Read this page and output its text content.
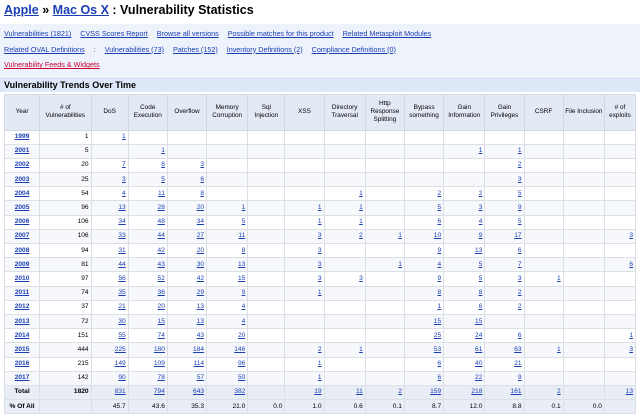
Apple » Mac Os X : Vulnerability Statistics
Vulnerabilities (1821) CVSS Scores Report Browse all versions Possible matches for this product Related Metasploit Modules
Related OVAL Definitions : Vulnerabilities (73) Patches (152) Inventory Definitions (2) Compliance Definitions (0)
Vulnerability Feeds & Widgets
Vulnerability Trends Over Time
Year	# of Vulnerabilities	DoS	Code Execution	Overflow	Memory Corruption	Sql Injection	XSS	Directory Traversal	Http Response Splitting	Bypass something	Gain Information	Gain Privileges	CSRF	File Inclusion	# of exploits
1999	1	1													
2001	5		1								1	1			
2002	20	7	8	3								2			
2003	25	3	5	6								3			
2004	54	4	11	8				1		2	2	5			
2005	96	13	28	20	1		1	1		5	3	9			
2006	106	34	48	34	5		1	1		6	4	5			
2007	106	33	44	27	11		3	2	1	10	9	17			3
2008	94	31	42	20	8		3			9	13	6			
2009	81	44	43	30	13		3		1	4	5	7			6
2010	97	56	52	42	15		3	3		9	5	3	1		
2011	74	35	36	29	9		1			8	8	2			
2012	37	21	20	13	4					1	6	2			
2013	72	30	15	13	4					15	15				
2014	151	55	74	43	20					25	24	6			1
2015	444	225	180	184	146		2	1		53	61	63	1		3
2016	215	149	109	114	96		1			6	40	21			
2017	142	90	78	57	50		1			6	22	9			
Total	1820	831	794	643	382		19	11	2	159	218	161	2		13
% Of All		45.7	43.6	35.3	21.0	0.0	1.0	0.6	0.1	8.7	12.0	8.8	0.1	0.0	
